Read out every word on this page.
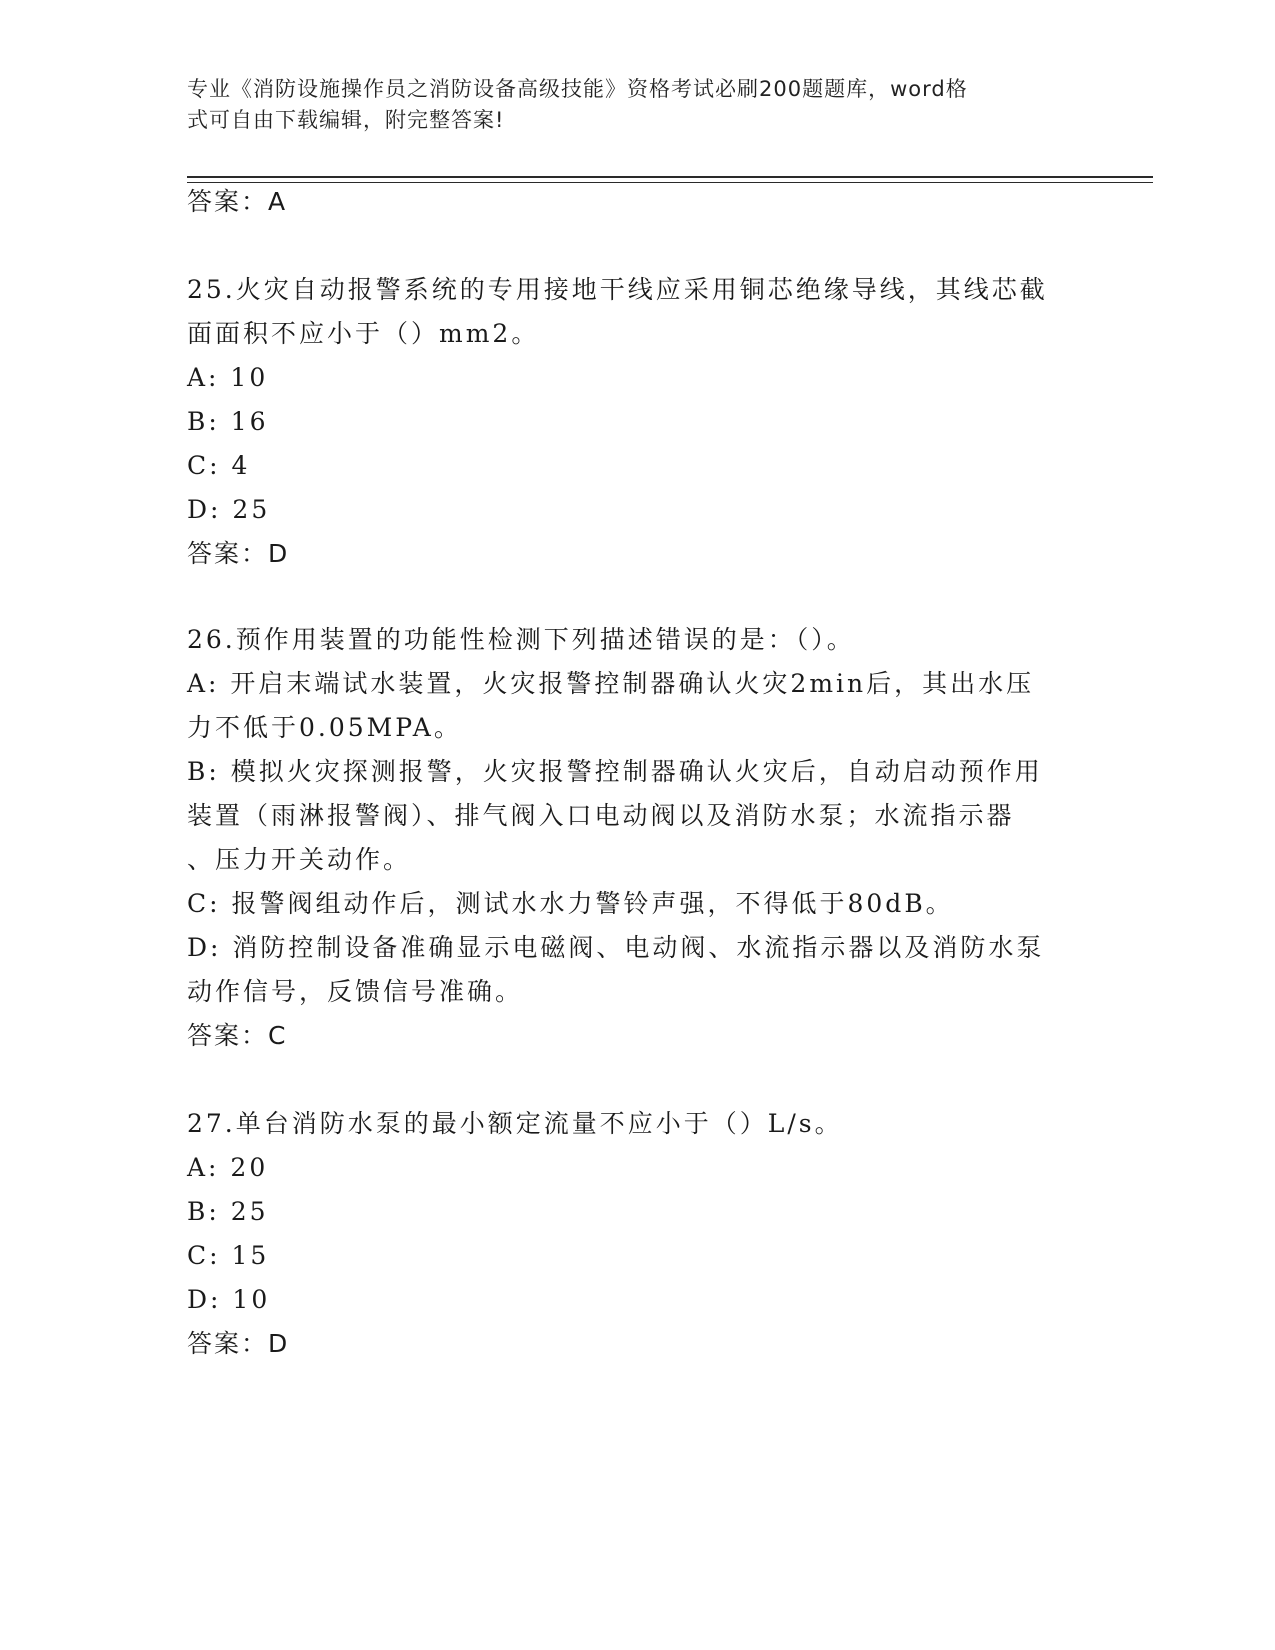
专业《消防设施操作员之消防设备高级技能》资格考试必刷200题题库，word格
式可自由下载编辑，附完整答案!
答案：A
25.火灾自动报警系统的专用接地干线应采用铜芯绝缘导线，其线芯截
面面积不应小于（）mm2。
A: 10
B: 16
C: 4
D: 25
答案：D
26.预作用装置的功能性检测下列描述错误的是：（）。
A: 开启末端试水装置，火灾报警控制器确认火灾2min后，其出水压
力不低于0.05MPA。
B: 模拟火灾探测报警，火灾报警控制器确认火灾后，自动启动预作用
装置（雨淋报警阀）、排气阀入口电动阀以及消防水泵；水流指示器
、压力开关动作。
C: 报警阀组动作后，测试水水力警铃声强，不得低于80dB。
D: 消防控制设备准确显示电磁阀、电动阀、水流指示器以及消防水泵
动作信号，反馈信号准确。
答案：C
27.单台消防水泵的最小额定流量不应小于（）L/s。
A: 20
B: 25
C: 15
D: 10
答案：D
